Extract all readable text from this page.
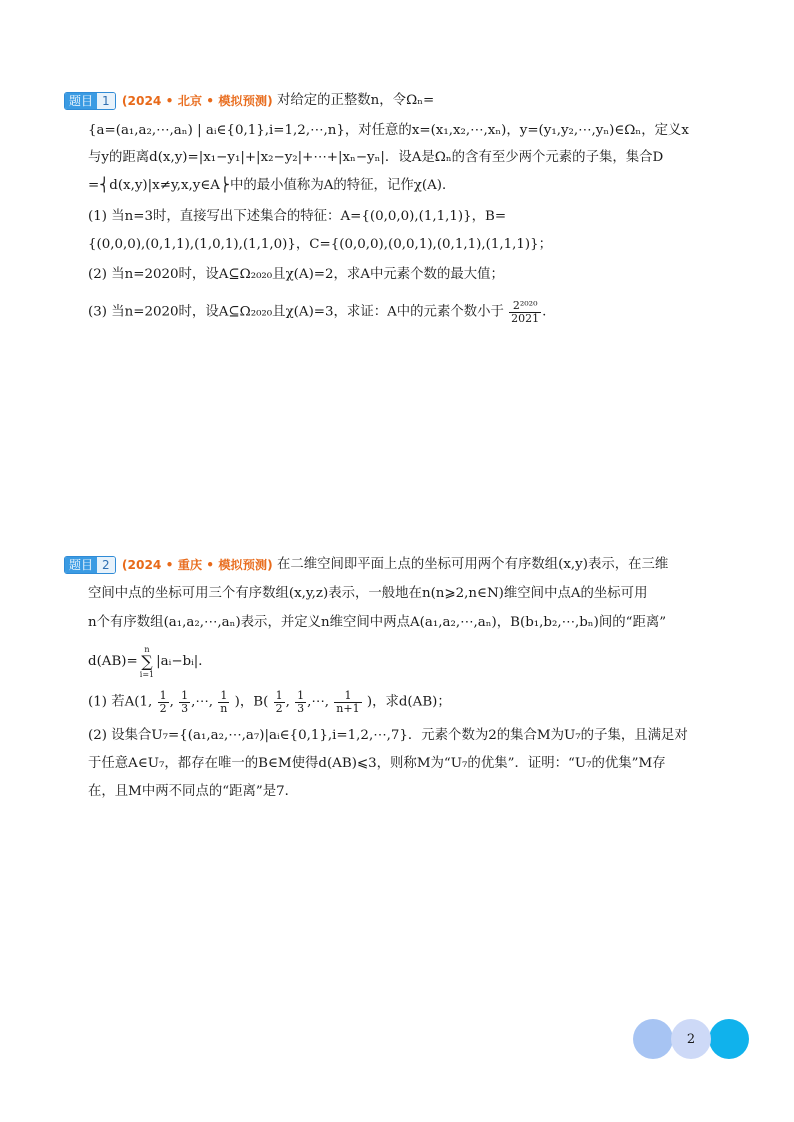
题目 1 (2024 • 北京 • 模拟预测) 对给定的正整数n，令Ωₙ=
{a=(a₁,a₂,⋯,aₙ) | aᵢ∈{0,1},i=1,2,⋯,n}，对任意的x=(x₁,x₂,⋯,xₙ)，y=(y₁,y₂,⋯,yₙ)∈Ωₙ，定义x
与y的距离d(x,y)=|x₁−y₁|+|x₂−y₂|+⋯+|xₙ−yₙ|．设A是Ωₙ的含有至少两个元素的子集，集合D
=⎨d(x,y)|x≠y,x,y∈A⎬中的最小值称为A的特征，记作χ(A)．
(1) 当n=3时，直接写出下述集合的特征：A={(0,0,0),(1,1,1)}，B=
{(0,0,0),(0,1,1),(1,0,1),(1,1,0)}，C={(0,0,0),(0,0,1),(0,1,1),(1,1,1)}；
(2) 当n=2020时，设A⊆Ω₂₀₂₀且χ(A)=2，求A中元素个数的最大值；
(3) 当n=2020时，设A⊆Ω₂₀₂₀且χ(A)=3，求证：A中的元素个数小于 $\frac{\text{2²⁰²⁰}}{2021}$ .
题目 2 (2024 • 重庆 • 模拟预测) 在二维空间即平面上点的坐标可用两个有序数组(x,y)表示，在三维
空间中点的坐标可用三个有序数组(x,y,z)表示，一般地在n(n⩾2,n∈N)维空间中点A的坐标可用
n个有序数组(a₁,a₂,⋯,aₙ)表示，并定义n维空间中两点A(a₁,a₂,⋯,aₙ)，B(b₁,b₂,⋯,bₙ)间的“距离”
d(AB)=n
∑
i=1|aᵢ−bᵢ|．
(1) 若A(1, $\frac{1}{2}$ , $\frac{1}{3}$ ,⋯, $\frac{1}{n}$ )，$B( \frac{1}{2}$ , $\frac{1}{3}$ ,⋯, $\frac{1}{n+1}$ )，求d(AB)；
(2) 设集合U₇={(a₁,a₂,⋯,a₇)|aᵢ∈{0,1},i=1,2,⋯,7}．元素个数为2的集合M为U₇的子集，且满足对
于任意A∈U₇，都存在唯一的B∈M使得d(AB)⩽3，则称M为“U₇的优集”．证明：“U₇的优集”M存
在，且M中两不同点的“距离”是7．
2
